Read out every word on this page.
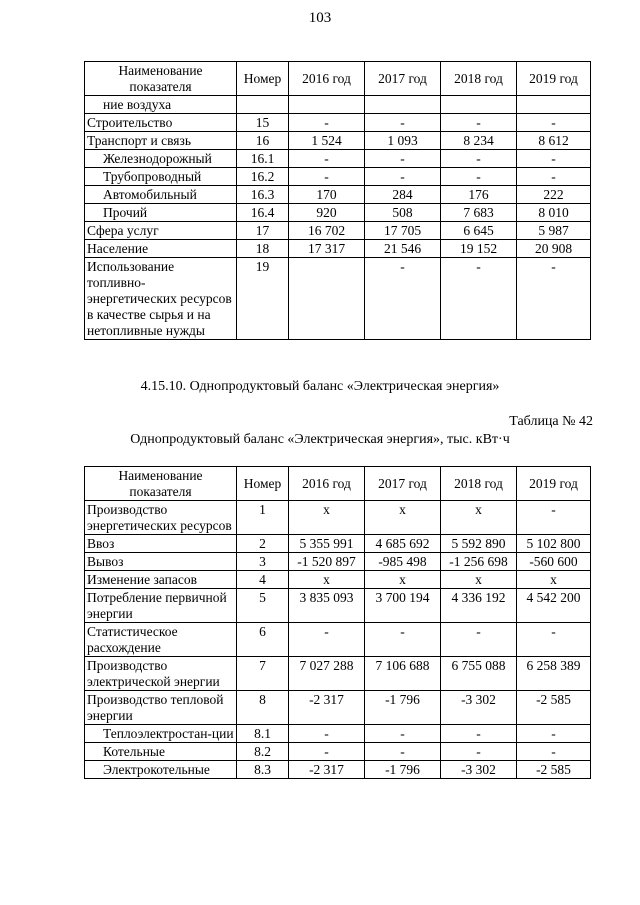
103
Наименование показателя	Номер	2016 год	2017 год	2018 год	2019 год
ние воздуха					
Строительство	15	-	-	-	-
Транспорт и связь	16	1 524	1 093	8 234	8 612
Железнодорожный	16.1	-	-	-	-
Трубопроводный	16.2	-	-	-	-
Автомобильный	16.3	170	284	176	222
Прочий	16.4	920	508	7 683	8 010
Сфера услуг	17	16 702	17 705	6 645	5 987
Население	18	17 317	21 546	19 152	20 908
Использование топливно-энергетических ресурсов в качестве сырья и на нетопливные нужды	19		-	-	-
4.15.10. Однопродуктовый баланс «Электрическая энергия»
Таблица № 42
Однопродуктовый баланс «Электрическая энергия», тыс. кВт·ч
Наименование показателя	Номер	2016 год	2017 год	2018 год	2019 год
Производство энергетических ресурсов	1	x	x	x	-
Ввоз	2	5 355 991	4 685 692	5 592 890	5 102 800
Вывоз	3	-1 520 897	-985 498	-1 256 698	-560 600
Изменение запасов	4	x	x	x	x
Потребление первичной энергии	5	3 835 093	3 700 194	4 336 192	4 542 200
Статистическое расхождение	6	-	-	-	-
Производство электрической энергии	7	7 027 288	7 106 688	6 755 088	6 258 389
Производство тепловой энергии	8	-2 317	-1 796	-3 302	-2 585
Теплоэлектростан-ции	8.1	-	-	-	-
Котельные	8.2	-	-	-	-
Электрокотельные	8.3	-2 317	-1 796	-3 302	-2 585
